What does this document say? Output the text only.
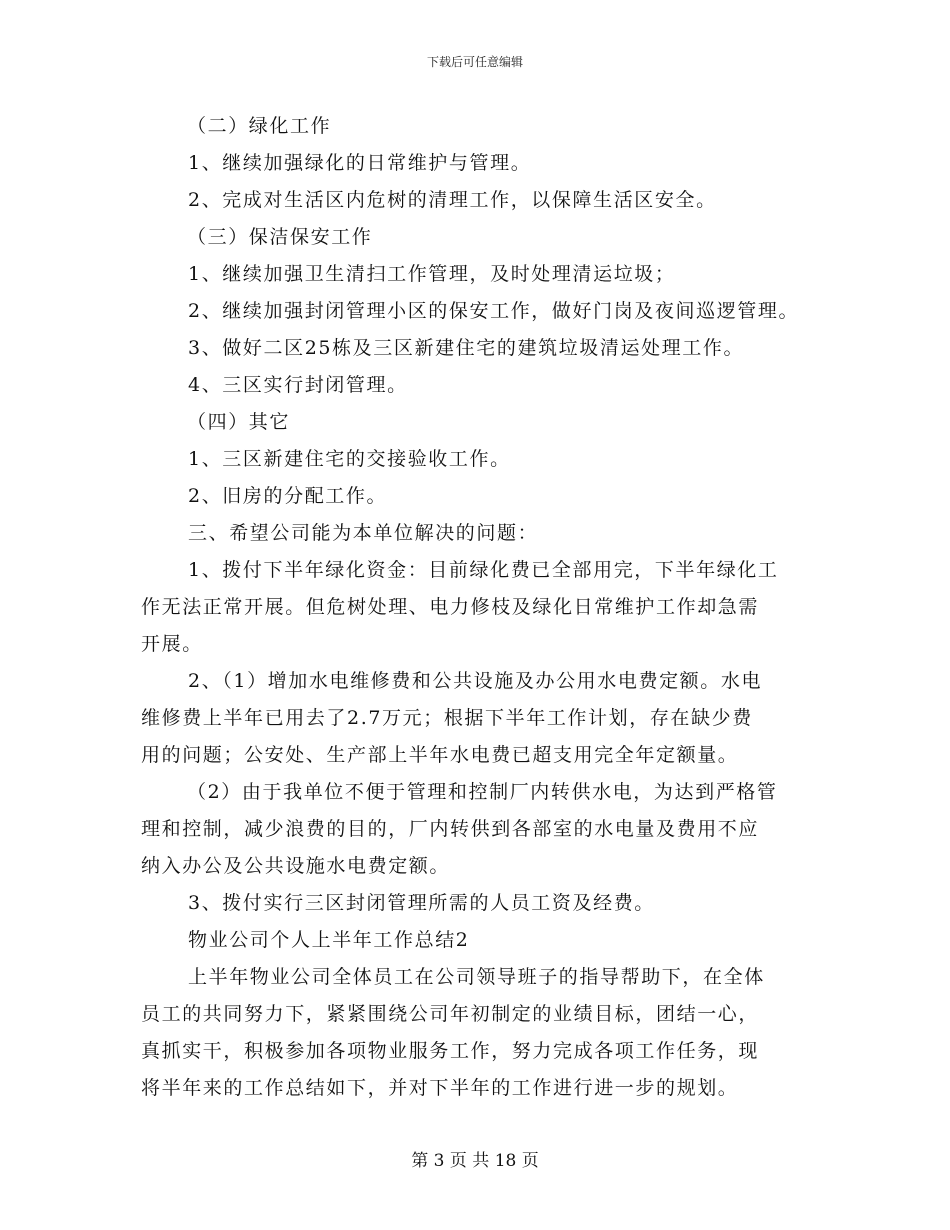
下载后可任意编辑
（二）绿化工作
1、继续加强绿化的日常维护与管理。
2、完成对生活区内危树的清理工作，以保障生活区安全。
（三）保洁保安工作
1、继续加强卫生清扫工作管理，及时处理清运垃圾；
2、继续加强封闭管理小区的保安工作，做好门岗及夜间巡逻管理。
3、做好二区25栋及三区新建住宅的建筑垃圾清运处理工作。
4、三区实行封闭管理。
（四）其它
1、三区新建住宅的交接验收工作。
2、旧房的分配工作。
三、希望公司能为本单位解决的问题：
1、拨付下半年绿化资金：目前绿化费已全部用完，下半年绿化工
作无法正常开展。但危树处理、电力修枝及绿化日常维护工作却急需
开展。
2、（1）增加水电维修费和公共设施及办公用水电费定额。水电
维修费上半年已用去了2.7万元；根据下半年工作计划，存在缺少费
用的问题；公安处、生产部上半年水电费已超支用完全年定额量。
（2）由于我单位不便于管理和控制厂内转供水电，为达到严格管
理和控制，减少浪费的目的，厂内转供到各部室的水电量及费用不应
纳入办公及公共设施水电费定额。
3、拨付实行三区封闭管理所需的人员工资及经费。
物业公司个人上半年工作总结2
上半年物业公司全体员工在公司领导班子的指导帮助下，在全体
员工的共同努力下，紧紧围绕公司年初制定的业绩目标，团结一心，
真抓实干，积极参加各项物业服务工作，努力完成各项工作任务，现
将半年来的工作总结如下，并对下半年的工作进行进一步的规划。
第 3 页 共 18 页
